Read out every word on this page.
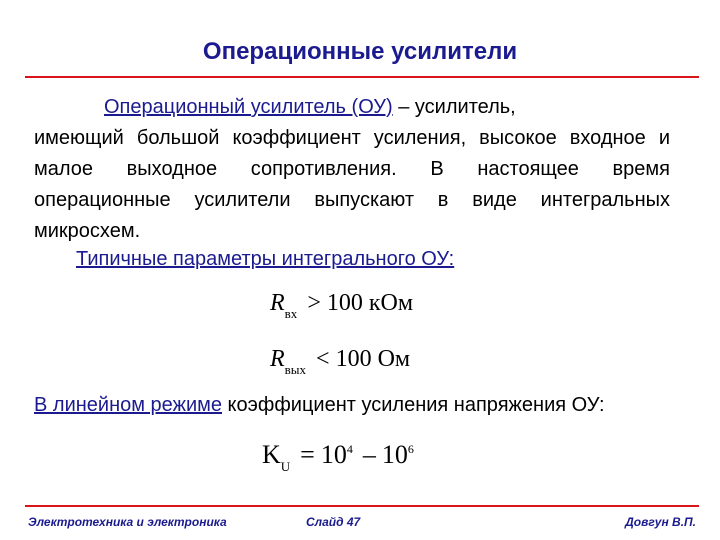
Операционные усилители
Операционный усилитель (ОУ) – усилитель,
имеющий большой коэффициент усиления, высокое входное и малое выходное сопротивления. В настоящее время операционные усилители выпускают в виде интегральных микросхем.
Типичные параметры интегрального ОУ:
$R_{вх} > 100$ кОм
$R_{вых} < 100$ Ом
В линейном режиме коэффициент усиления напряжения ОУ:
$K_U = 10^4 - 10^6$
Электротехника и электроника	Слайд 47	Довгун В.П.
